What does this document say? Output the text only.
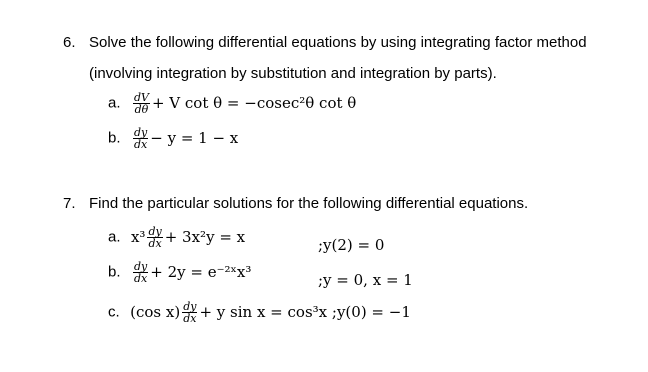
6. Solve the following differential equations by using integrating factor method
(involving integration by substitution and integration by parts).
a. $\frac{dV}{d\theta} + V$ cot θ = −cosec²θ cot θ
b. $\frac{dy}{dx} - y = 1 - x$
7. Find the particular solutions for the following differential equations.
a. $x^3 \frac{dy}{dx} + 3x^2y = x$	;y(2) = 0
b. $\frac{dy}{dx} + 2y$ = e⁻²ˣx³	;y = 0, x = 1
c. (cos $x) \frac{dy}{dx} + y$ sin x = cos³x ;y(0) = −1
